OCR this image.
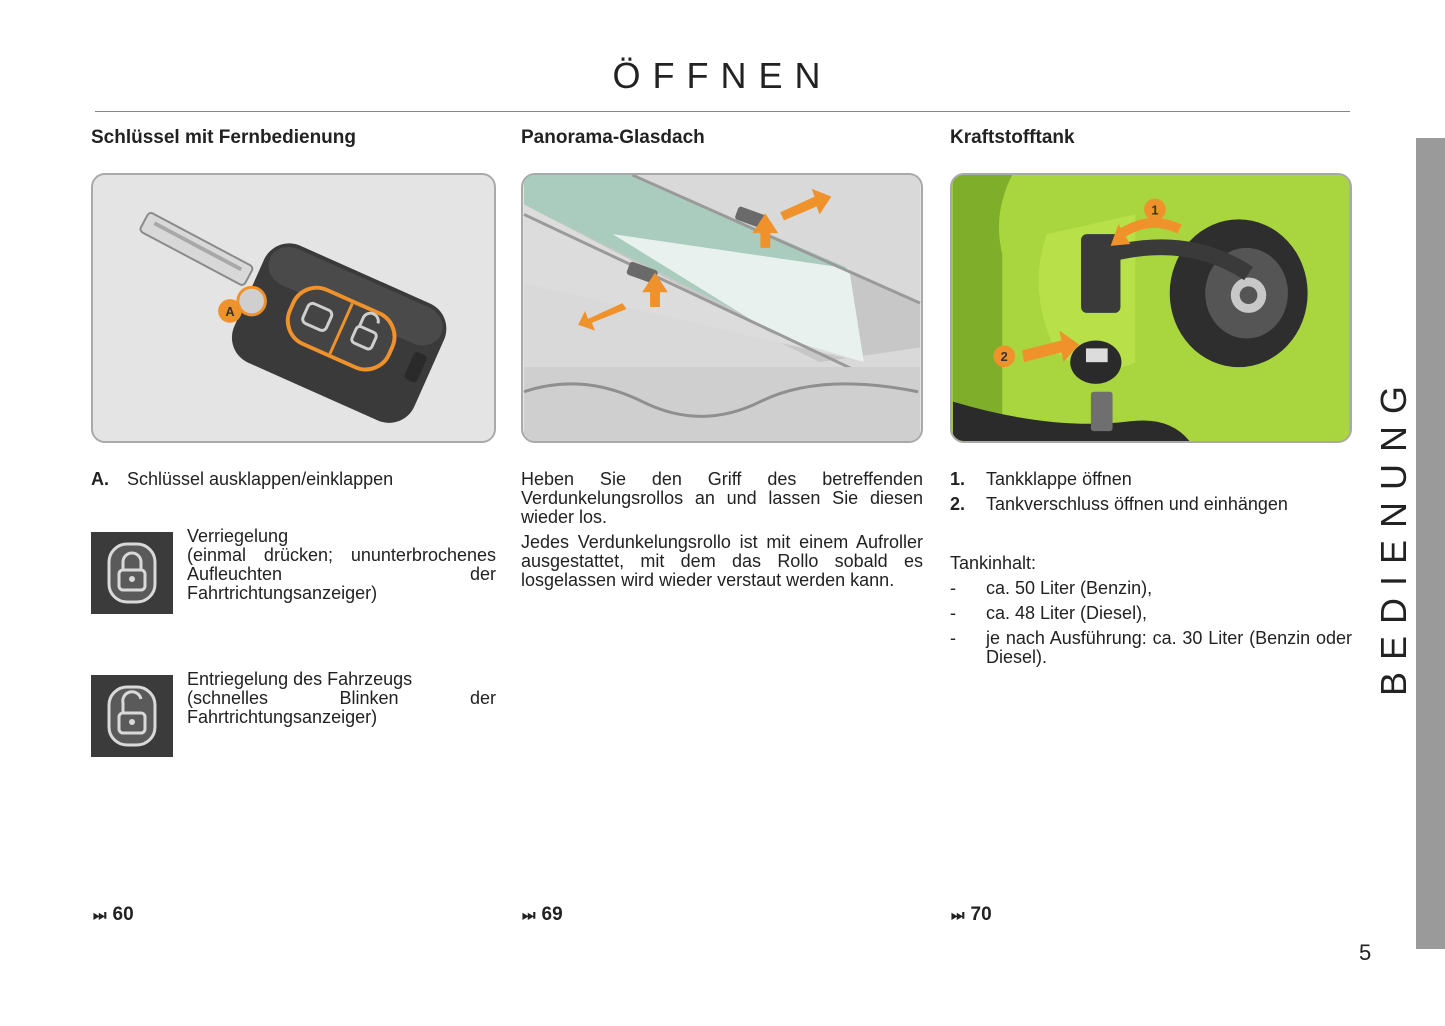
ÖFFNEN
Schlüssel mit Fernbedienung
A
A.	Schlüssel ausklappen/einklappen
Verriegelung
(einmal drücken; ununterbrochenes Aufleuchten der Fahrtrichtungsanzeiger)
Entriegelung des Fahrzeugs
(schnelles Blinken der Fahrtrichtungsanzeiger)
Panorama-Glasdach
Heben Sie den Griff des betreffenden Verdunkelungsrollos an und lassen Sie diesen wieder los.
Jedes Verdunkelungsrollo ist mit einem Aufroller ausgestattet, mit dem das Rollo sobald es losgelassen wird wieder verstaut werden kann.
Kraftstofftank
1
2
1.	Tankklappe öffnen
2.	Tankverschluss öffnen und einhängen
Tankinhalt:
-	ca. 50 Liter (Benzin),
-	ca. 48 Liter (Diesel),
-	je nach Ausführung: ca. 30 Liter (Benzin oder Diesel).
⏭ 60	⏭ 69	⏭ 70
BEDIENUNG
5
